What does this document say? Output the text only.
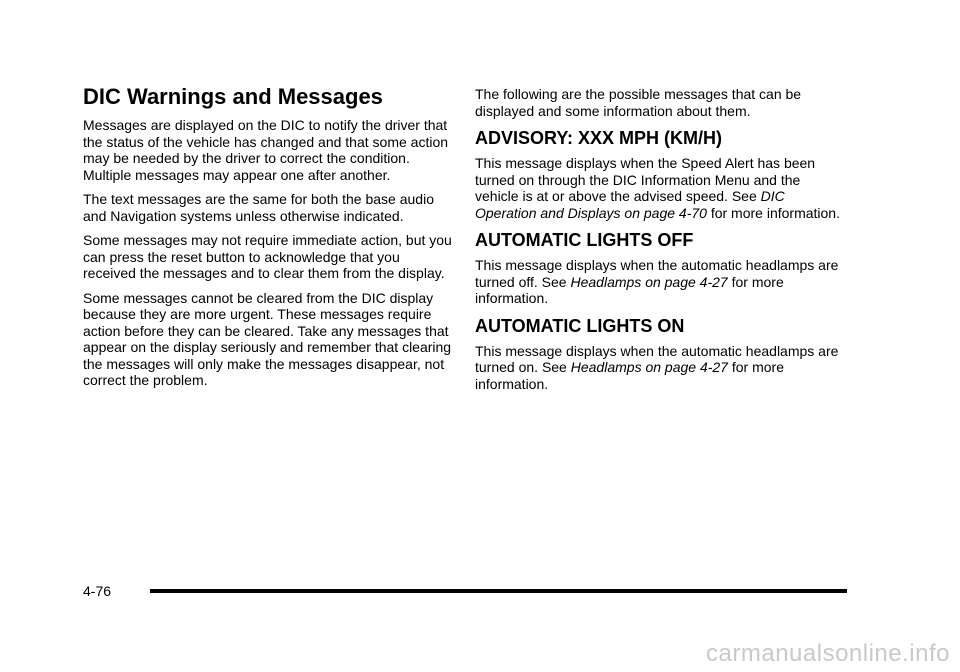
DIC Warnings and Messages

Messages are displayed on the DIC to notify the driver that the status of the vehicle has changed and that some action may be needed by the driver to correct the condition. Multiple messages may appear one after another.

The text messages are the same for both the base audio and Navigation systems unless otherwise indicated.

Some messages may not require immediate action, but you can press the reset button to acknowledge that you received the messages and to clear them from the display.

Some messages cannot be cleared from the DIC display because they are more urgent. These messages require action before they can be cleared. Take any messages that appear on the display seriously and remember that clearing the messages will only make the messages disappear, not correct the problem.

The following are the possible messages that can be displayed and some information about them.

ADVISORY: XXX MPH (KM/H)

This message displays when the Speed Alert has been turned on through the DIC Information Menu and the vehicle is at or above the advised speed. See DIC Operation and Displays on page 4-70 for more information.

AUTOMATIC LIGHTS OFF

This message displays when the automatic headlamps are turned off. See Headlamps on page 4-27 for more information.

AUTOMATIC LIGHTS ON

This message displays when the automatic headlamps are turned on. See Headlamps on page 4-27 for more information.

4-76
carmanualsonline.info
